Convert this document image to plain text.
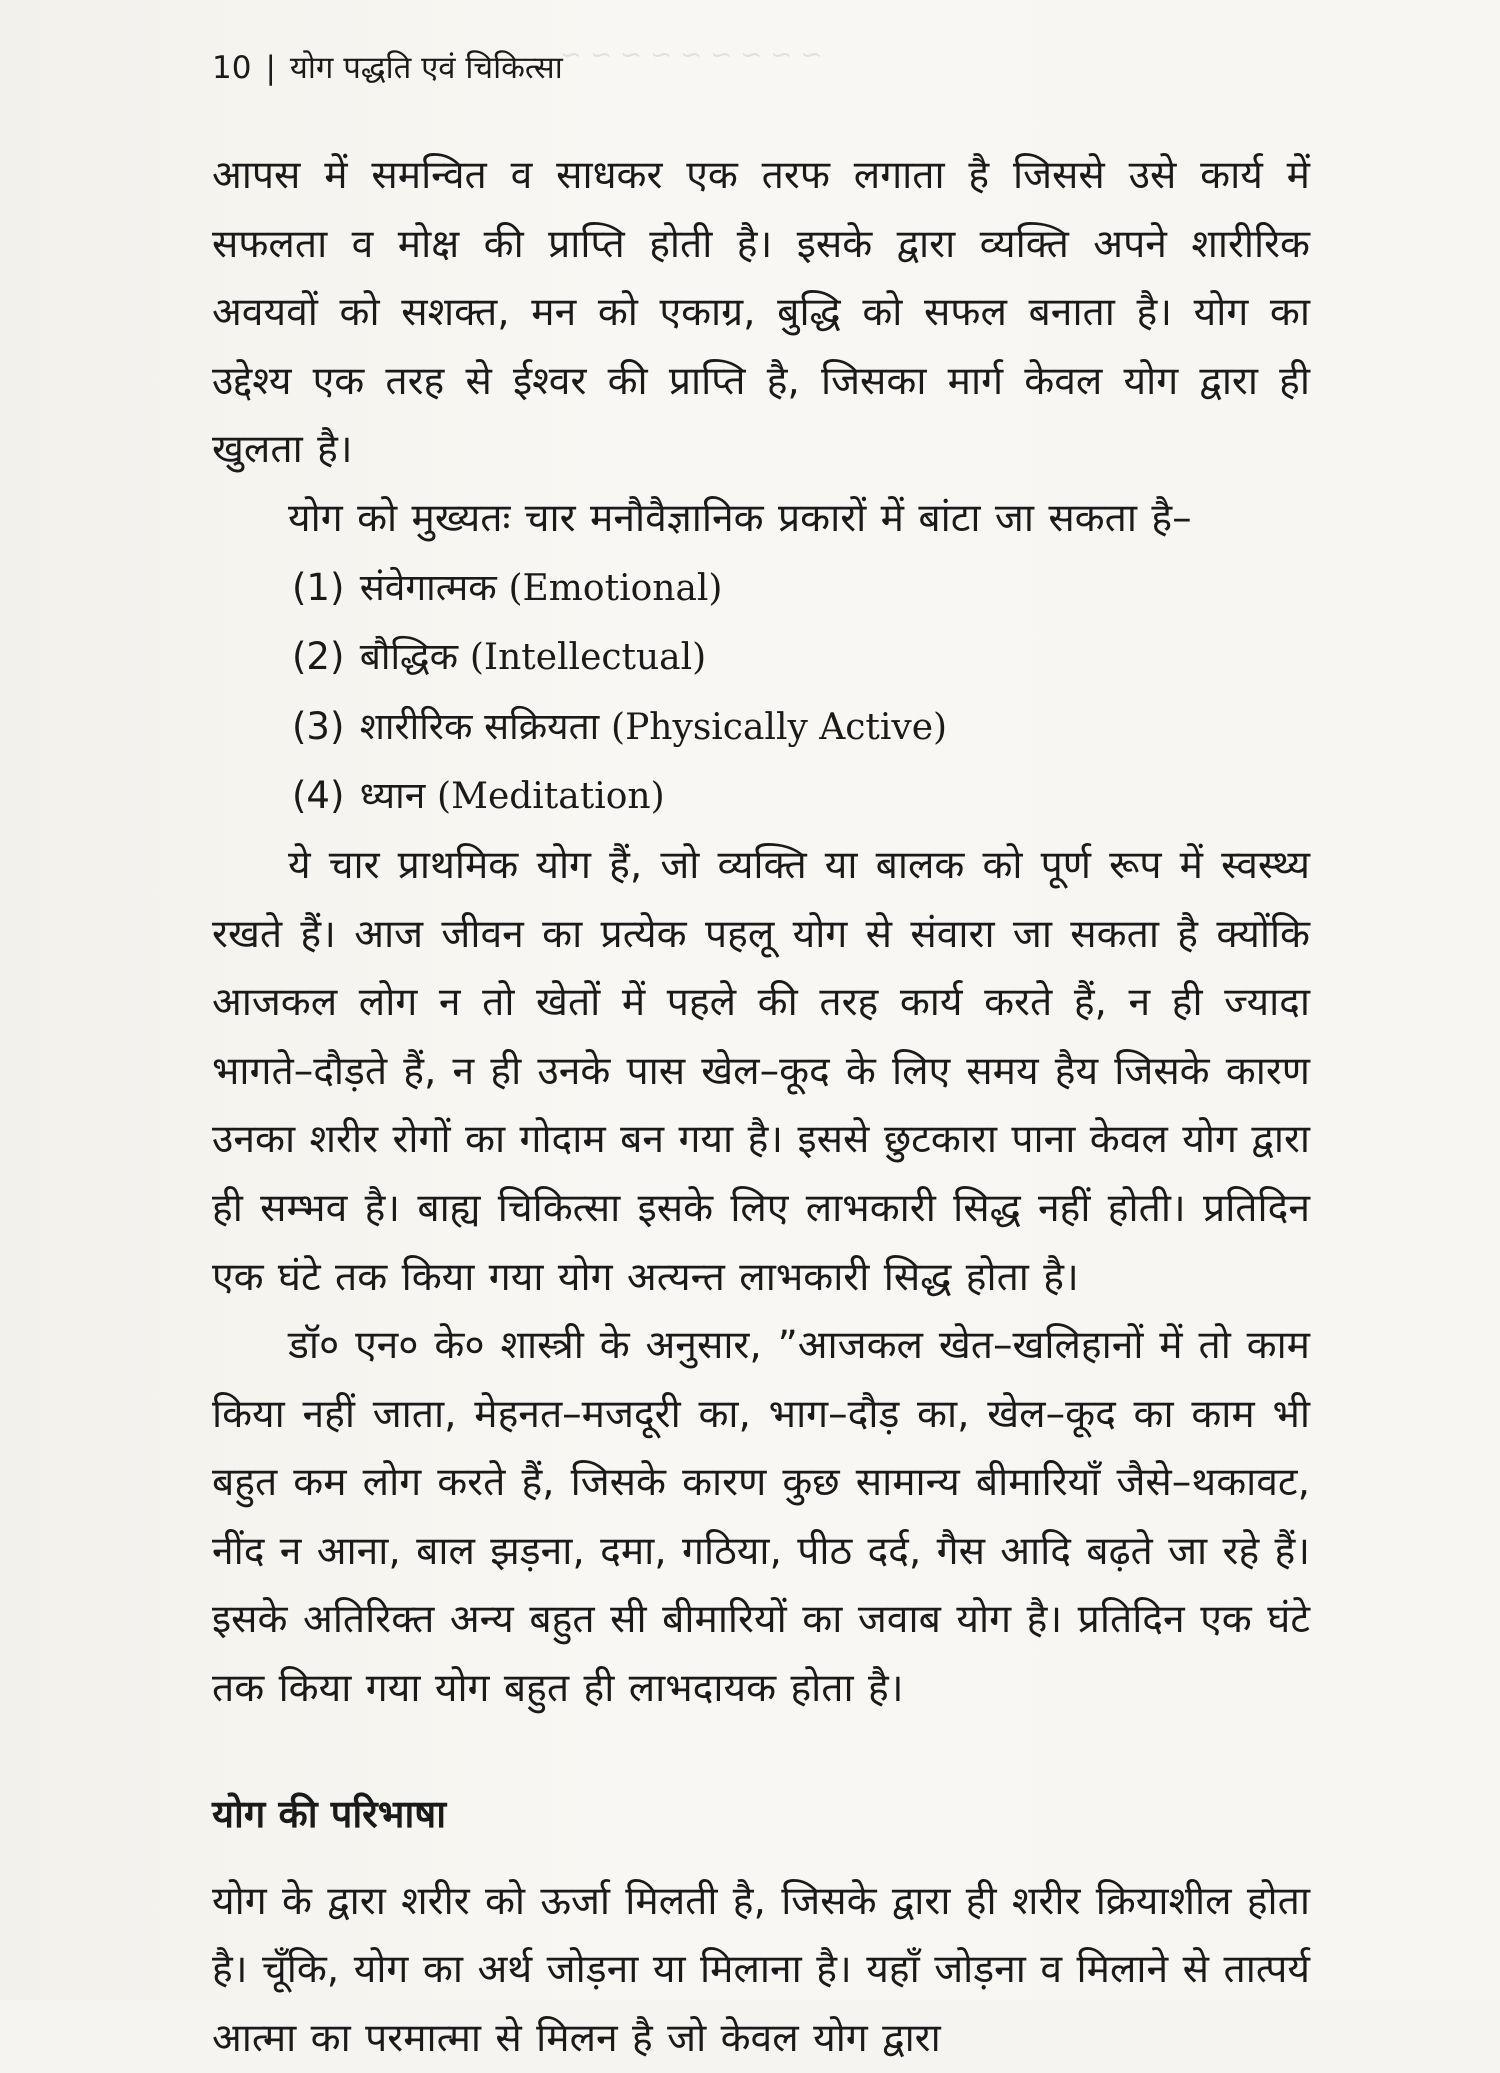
~ ~ ~ ~ ~ ~ ~ ~ ~
10 | योग पद्धति एवं चिकित्सा

आपस में समन्वित व साधकर एक तरफ लगाता है जिससे उसे कार्य में सफलता व मोक्ष की प्राप्ति होती है। इसके द्वारा व्यक्ति अपने शारीरिक अवयवों को सशक्त, मन को एकाग्र, बुद्धि को सफल बनाता है। योग का उद्देश्य एक तरह से ईश्वर की प्राप्ति है, जिसका मार्ग केवल योग द्वारा ही खुलता है।

योग को मुख्यतः चार मनौवैज्ञानिक प्रकारों में बांटा जा सकता है–

(1) संवेगात्मक (Emotional)
(2) बौद्धिक (Intellectual)
(3) शारीरिक सक्रियता (Physically Active)
(4) ध्यान (Meditation)

ये चार प्राथमिक योग हैं, जो व्यक्ति या बालक को पूर्ण रूप में स्वस्थ्य रखते हैं। आज जीवन का प्रत्येक पहलू योग से संवारा जा सकता है क्योंकि आजकल लोग न तो खेतों में पहले की तरह कार्य करते हैं, न ही ज्यादा भागते–दौड़ते हैं, न ही उनके पास खेल–कूद के लिए समय हैय जिसके कारण उनका शरीर रोगों का गोदाम बन गया है। इससे छुटकारा पाना केवल योग द्वारा ही सम्भव है। बाह्य चिकित्सा इसके लिए लाभकारी सिद्ध नहीं होती। प्रतिदिन एक घंटे तक किया गया योग अत्यन्त लाभकारी सिद्ध होता है।

डॉ० एन० के० शास्त्री के अनुसार, ”आजकल खेत–खलिहानों में तो काम किया नहीं जाता, मेहनत–मजदूरी का, भाग–दौड़ का, खेल–कूद का काम भी बहुत कम लोग करते हैं, जिसके कारण कुछ सामान्य बीमारियाँ जैसे–थकावट, नींद न आना, बाल झड़ना, दमा, गठिया, पीठ दर्द, गैस आदि बढ़ते जा रहे हैं। इसके अतिरिक्त अन्य बहुत सी बीमारियों का जवाब योग है। प्रतिदिन एक घंटे तक किया गया योग बहुत ही लाभदायक होता है।

योग की परिभाषा

योग के द्वारा शरीर को ऊर्जा मिलती है, जिसके द्वारा ही शरीर क्रियाशील होता है। चूँकि, योग का अर्थ जोड़ना या मिलाना है। यहाँ जोड़ना व मिलाने से तात्पर्य आत्मा का परमात्मा से मिलन है जो केवल योग द्वारा
